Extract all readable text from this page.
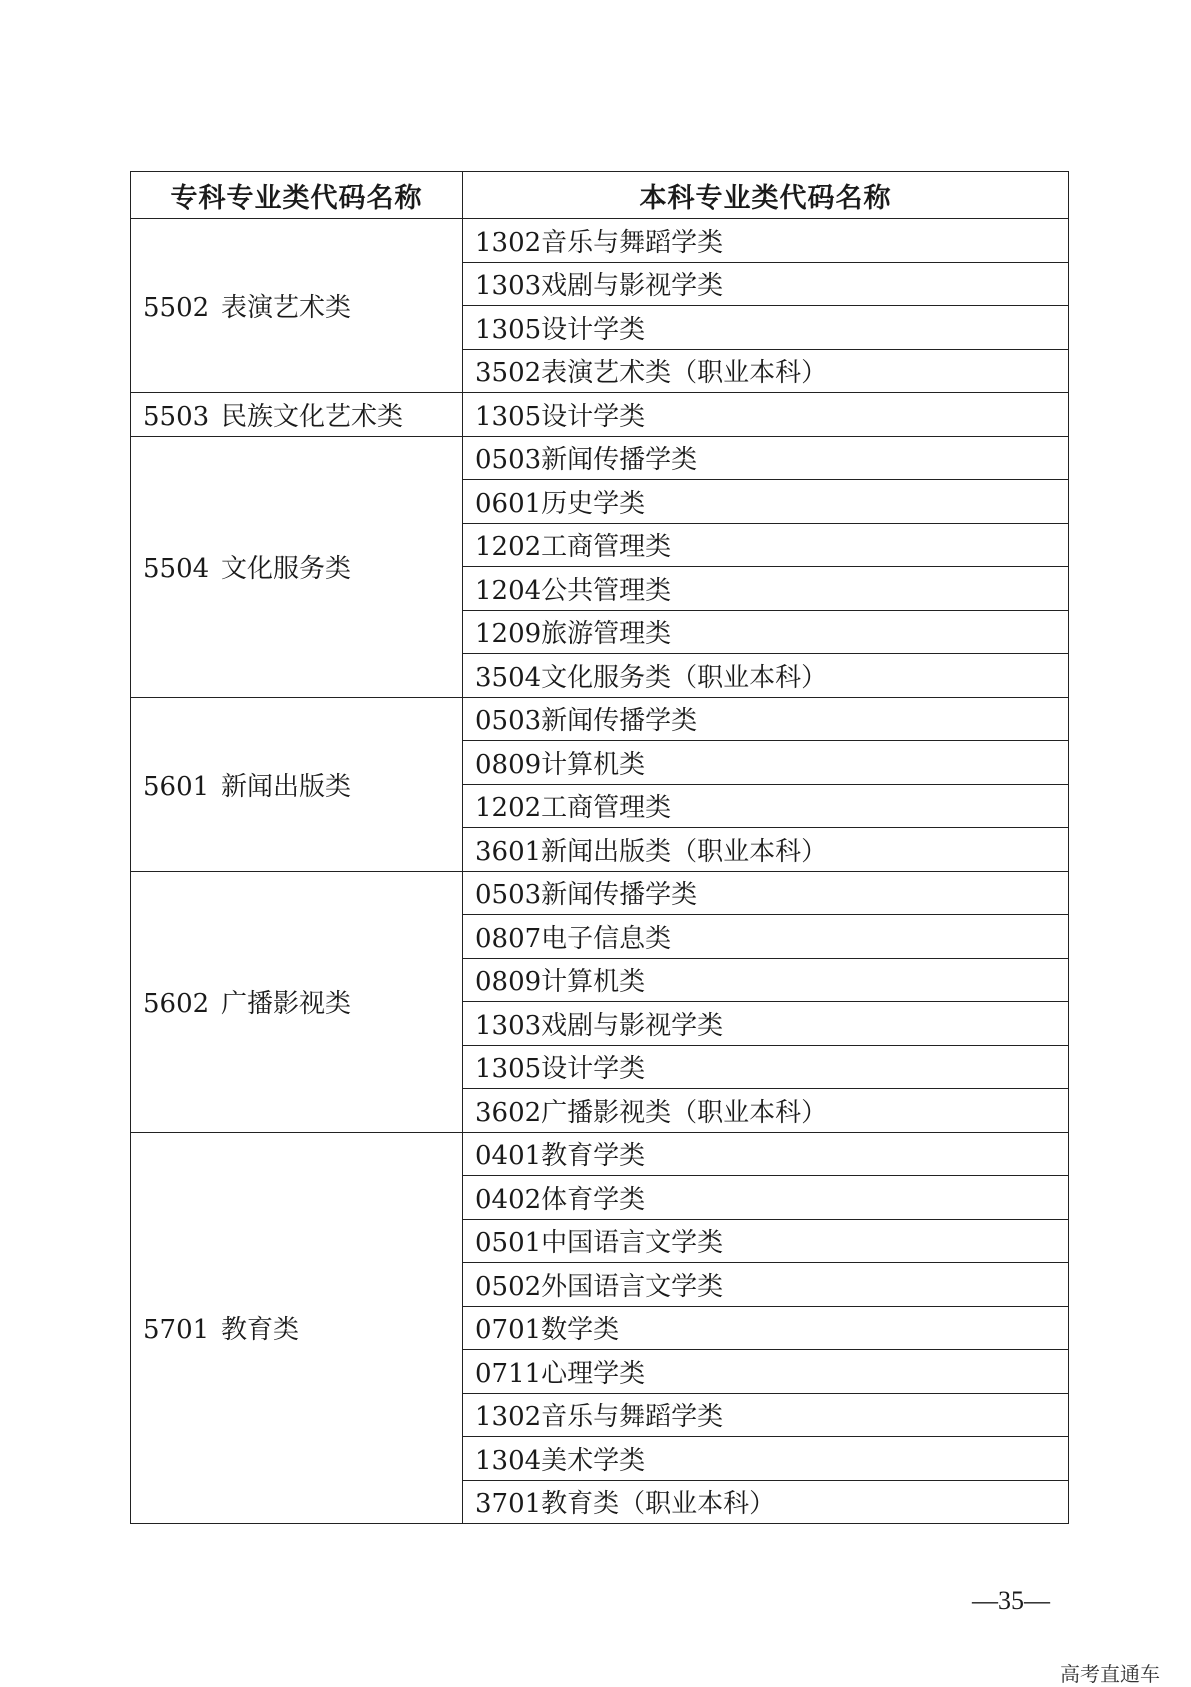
专科专业类代码名称	本科专业类代码名称
5502 表演艺术类	1302音乐与舞蹈学类
	1303戏剧与影视学类
	1305设计学类
	3502表演艺术类（职业本科）
5503 民族文化艺术类	1305设计学类
5504 文化服务类	0503新闻传播学类
	0601历史学类
	1202工商管理类
	1204公共管理类
	1209旅游管理类
	3504文化服务类（职业本科）
5601 新闻出版类	0503新闻传播学类
	0809计算机类
	1202工商管理类
	3601新闻出版类（职业本科）
5602 广播影视类	0503新闻传播学类
	0807电子信息类
	0809计算机类
	1303戏剧与影视学类
	1305设计学类
	3602广播影视类（职业本科）
5701 教育类	0401教育学类
	0402体育学类
	0501中国语言文学类
	0502外国语言文学类
	0701数学类
	0711心理学类
	1302音乐与舞蹈学类
	1304美术学类
	3701教育类（职业本科）
—35—
高考直通车
